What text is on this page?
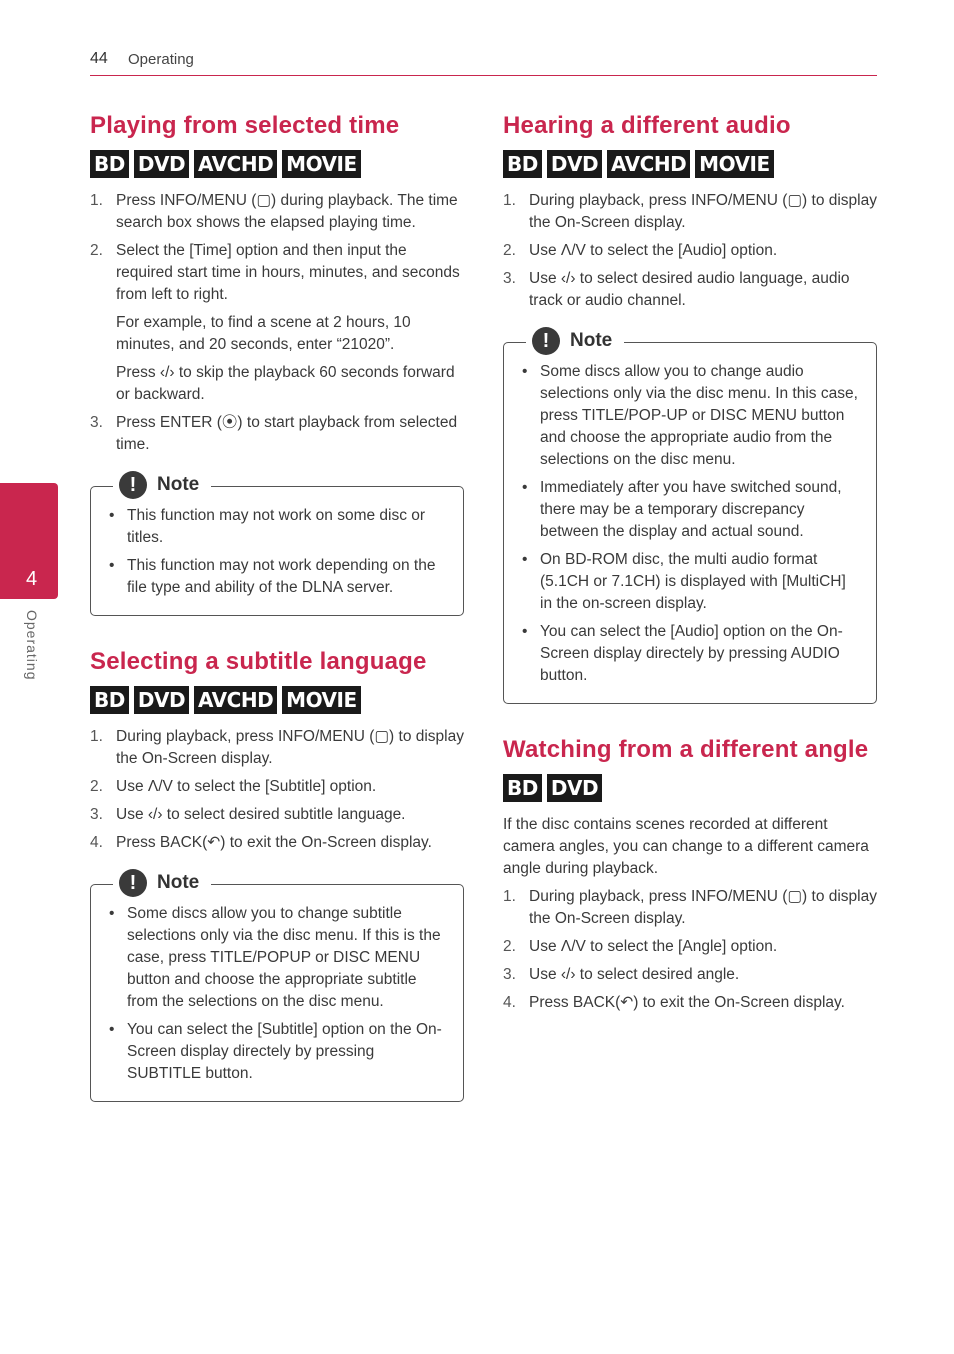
44 Operating
4
Operating
Playing from selected time
BD DVD AVCHD MOVIE
1. Press INFO/MENU (▢) during playback. The time search box shows the elapsed playing time.
2. Select the [Time] option and then input the required start time in hours, minutes, and seconds from left to right.

For example, to find a scene at 2 hours, 10 minutes, and 20 seconds, enter “21020”.

Press ‹/› to skip the playback 60 seconds forward or backward.

3. Press ENTER (⦿) to start playback from selected time.
!	Note
• This function may not work on some disc or titles.
• This function may not work depending on the file type and ability of the DLNA server.
Selecting a subtitle language
BD DVD AVCHD MOVIE
1. During playback, press INFO/MENU (▢) to display the On-Screen display.
2. Use Λ/V to select the [Subtitle] option.
3. Use ‹/› to select desired subtitle language.
4. Press BACK(↶) to exit the On-Screen display.
!	Note
• Some discs allow you to change subtitle selections only via the disc menu. If this is the case, press TITLE/POPUP or DISC MENU button and choose the appropriate subtitle from the selections on the disc menu.
• You can select the [Subtitle] option on the On-Screen display directely by pressing SUBTITLE button.
Hearing a different audio
BD DVD AVCHD MOVIE
1. During playback, press INFO/MENU (▢) to display the On-Screen display.
2. Use Λ/V to select the [Audio] option.
3. Use ‹/› to select desired audio language, audio track or audio channel.
!	Note
• Some discs allow you to change audio selections only via the disc menu. In this case, press TITLE/POP-UP or DISC MENU button and choose the appropriate audio from the selections on the disc menu.
• Immediately after you have switched sound, there may be a temporary discrepancy between the display and actual sound.
• On BD-ROM disc, the multi audio format (5.1CH or 7.1CH) is displayed with [MultiCH] in the on-screen display.
• You can select the [Audio] option on the On-Screen display directely by pressing AUDIO button.
Watching from a different angle
BD DVD

If the disc contains scenes recorded at different camera angles, you can change to a different camera angle during playback.

1. During playback, press INFO/MENU (▢) to display the On-Screen display.
2. Use Λ/V to select the [Angle] option.
3. Use ‹/› to select desired angle.
4. Press BACK(↶) to exit the On-Screen display.
